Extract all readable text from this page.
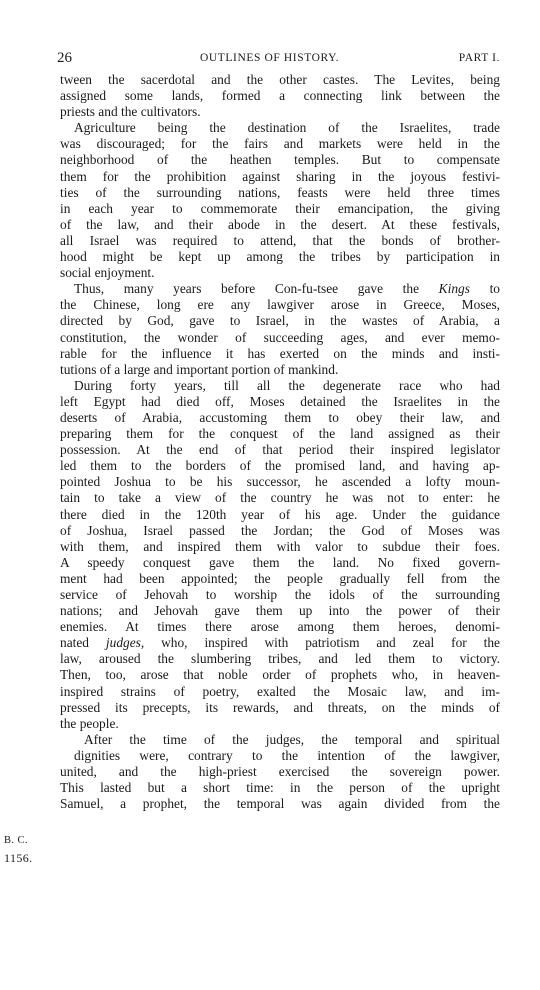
26	OUTLINES OF HISTORY.	PART I.
B. C.
1156.
tween the sacerdotal and the other castes. The Levites, being
assigned some lands, formed a connecting link between the
priests and the cultivators.
Agriculture being the destination of the Israelites, trade
was discouraged; for the fairs and markets were held in the
neighborhood of the heathen temples. But to compensate
them for the prohibition against sharing in the joyous festivi-
ties of the surrounding nations, feasts were held three times
in each year to commemorate their emancipation, the giving
of the law, and their abode in the desert. At these festivals,
all Israel was required to attend, that the bonds of brother-
hood might be kept up among the tribes by participation in
social enjoyment.
Thus, many years before Con-fu-tsee gave the Kings to
the Chinese, long ere any lawgiver arose in Greece, Moses,
directed by God, gave to Israel, in the wastes of Arabia, a
constitution, the wonder of succeeding ages, and ever memo-
rable for the influence it has exerted on the minds and insti-
tutions of a large and important portion of mankind.
During forty years, till all the degenerate race who had
left Egypt had died off, Moses detained the Israelites in the
deserts of Arabia, accustoming them to obey their law, and
preparing them for the conquest of the land assigned as their
possession. At the end of that period their inspired legislator
led them to the borders of the promised land, and having ap-
pointed Joshua to be his successor, he ascended a lofty moun-
tain to take a view of the country he was not to enter: he
there died in the 120th year of his age. Under the guidance
of Joshua, Israel passed the Jordan; the God of Moses was
with them, and inspired them with valor to subdue their foes.
A speedy conquest gave them the land. No fixed govern-
ment had been appointed; the people gradually fell from the
service of Jehovah to worship the idols of the surrounding
nations; and Jehovah gave them up into the power of their
enemies. At times there arose among them heroes, denomi-
nated judges, who, inspired with patriotism and zeal for the
law, aroused the slumbering tribes, and led them to victory.
Then, too, arose that noble order of prophets who, in heaven-
inspired strains of poetry, exalted the Mosaic law, and im-
pressed its precepts, its rewards, and threats, on the minds of
the people.
After the time of the judges, the temporal and spiritual
dignities were, contrary to the intention of the lawgiver,
united, and the high-priest exercised the sovereign power.
This lasted but a short time: in the person of the upright
Samuel, a prophet, the temporal was again divided from the
